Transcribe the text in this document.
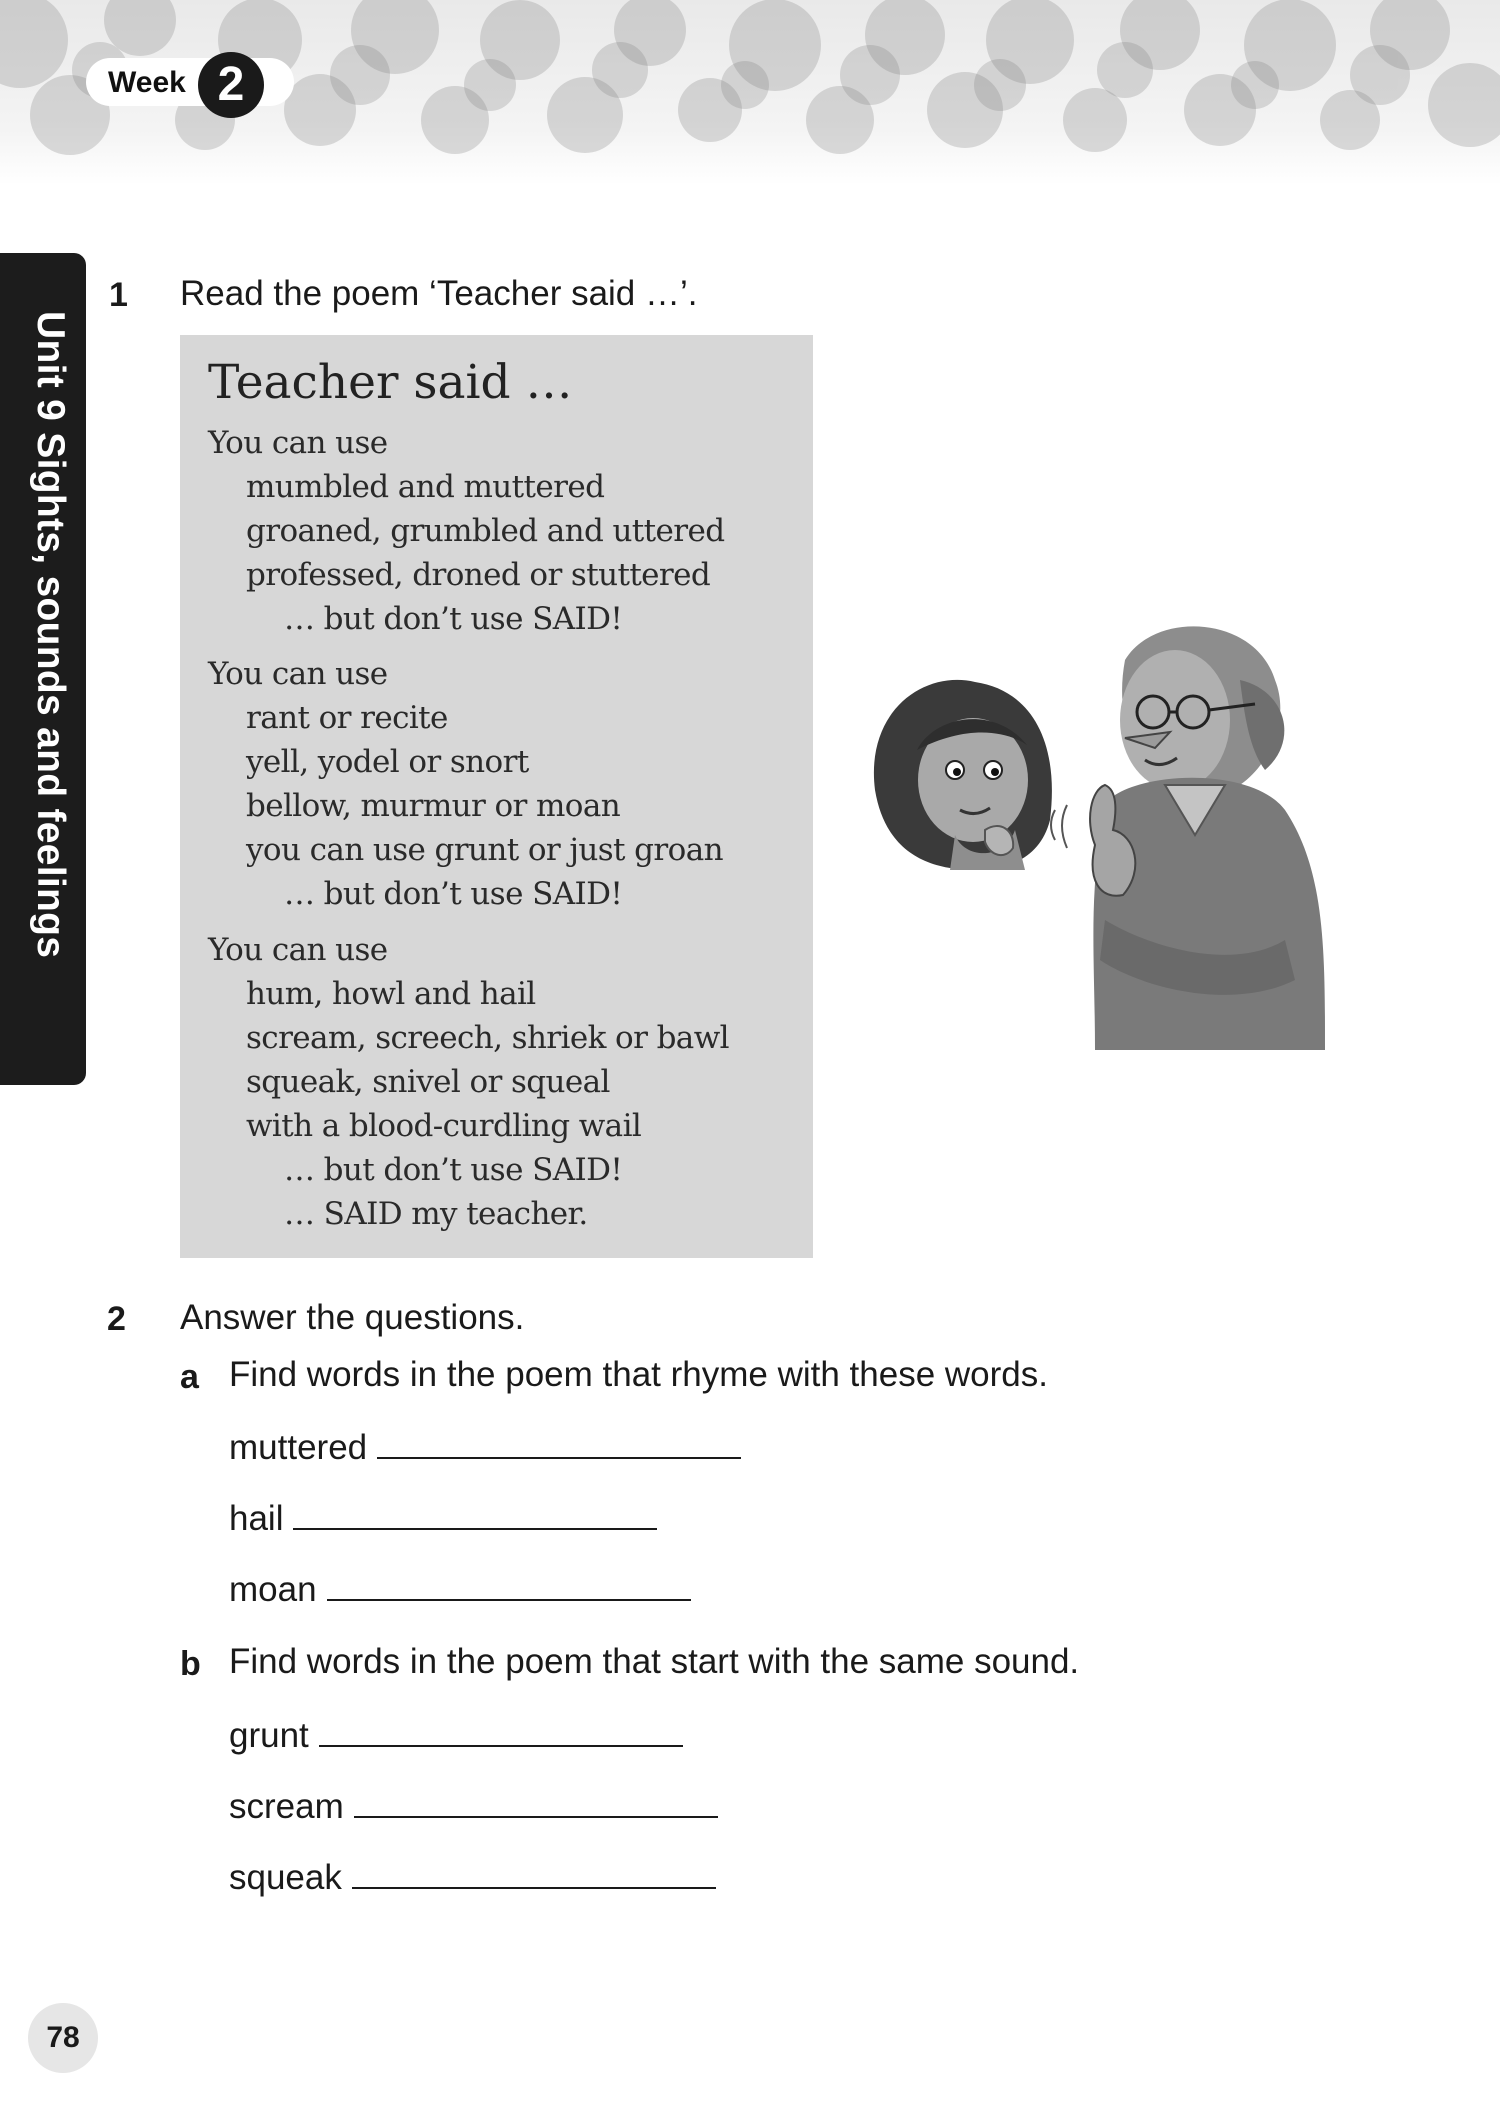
Week 2
Unit 9 Sights, sounds and feelings
1 Read the poem ‘Teacher said …’.
Teacher said …
You can use
mumbled and muttered
groaned, grumbled and uttered
professed, droned or stuttered
… but don’t use SAID!
You can use
rant or recite
yell, yodel or snort
bellow, murmur or moan
you can use grunt or just groan
… but don’t use SAID!
You can use
hum, howl and hail
scream, screech, shriek or bawl
squeak, snivel or squeal
with a blood-curdling wail
… but don’t use SAID!
… SAID my teacher.
2 Answer the questions.
a Find words in the poem that rhyme with these words.
muttered
hail
moan
b Find words in the poem that start with the same sound.
grunt
scream
squeak
78
